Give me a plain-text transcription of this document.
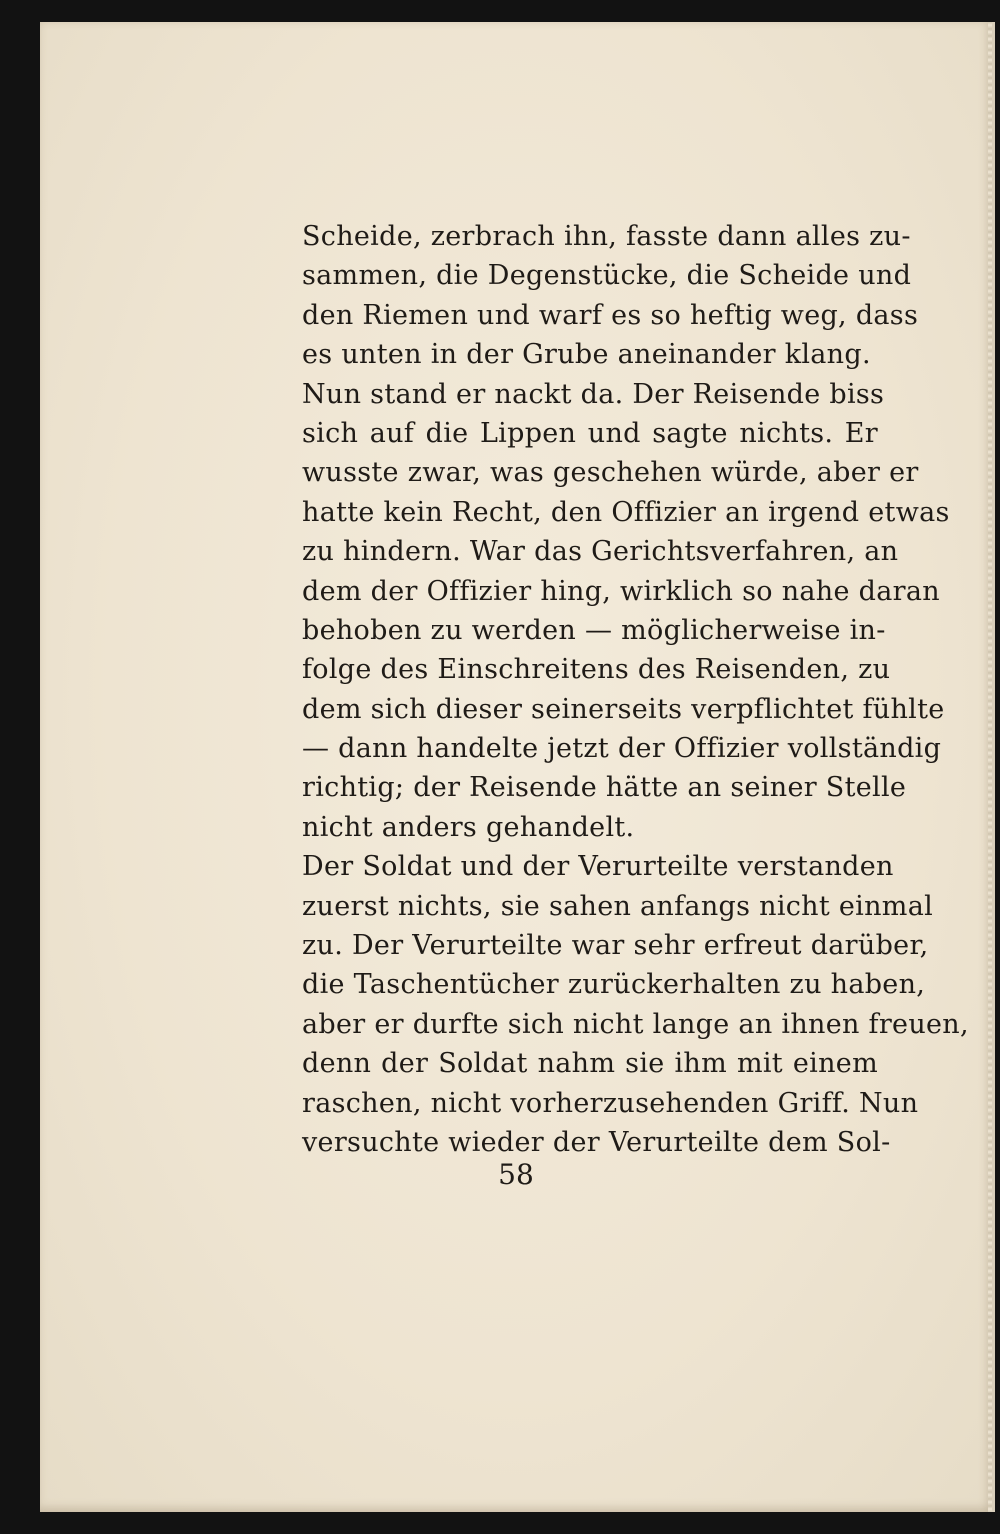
Scheide, zerbrach ihn, fasste dann alles zu-
sammen, die Degenstücke, die Scheide und
den Riemen und warf es so heftig weg, dass
es unten in der Grube aneinander klang.
Nun stand er nackt da. Der Reisende biss
sich auf die Lippen und sagte nichts. Er
wusste zwar, was geschehen würde, aber er
hatte kein Recht, den Offizier an irgend etwas
zu hindern. War das Gerichtsverfahren, an
dem der Offizier hing, wirklich so nahe daran
behoben zu werden — möglicherweise in-
folge des Einschreitens des Reisenden, zu
dem sich dieser seinerseits verpflichtet fühlte
— dann handelte jetzt der Offizier vollständig
richtig; der Reisende hätte an seiner Stelle
nicht anders gehandelt.
Der Soldat und der Verurteilte verstanden
zuerst nichts, sie sahen anfangs nicht einmal
zu. Der Verurteilte war sehr erfreut darüber,
die Taschentücher zurückerhalten zu haben,
aber er durfte sich nicht lange an ihnen freuen,
denn der Soldat nahm sie ihm mit einem
raschen, nicht vorherzusehenden Griff. Nun
versuchte wieder der Verurteilte dem Sol-
58
